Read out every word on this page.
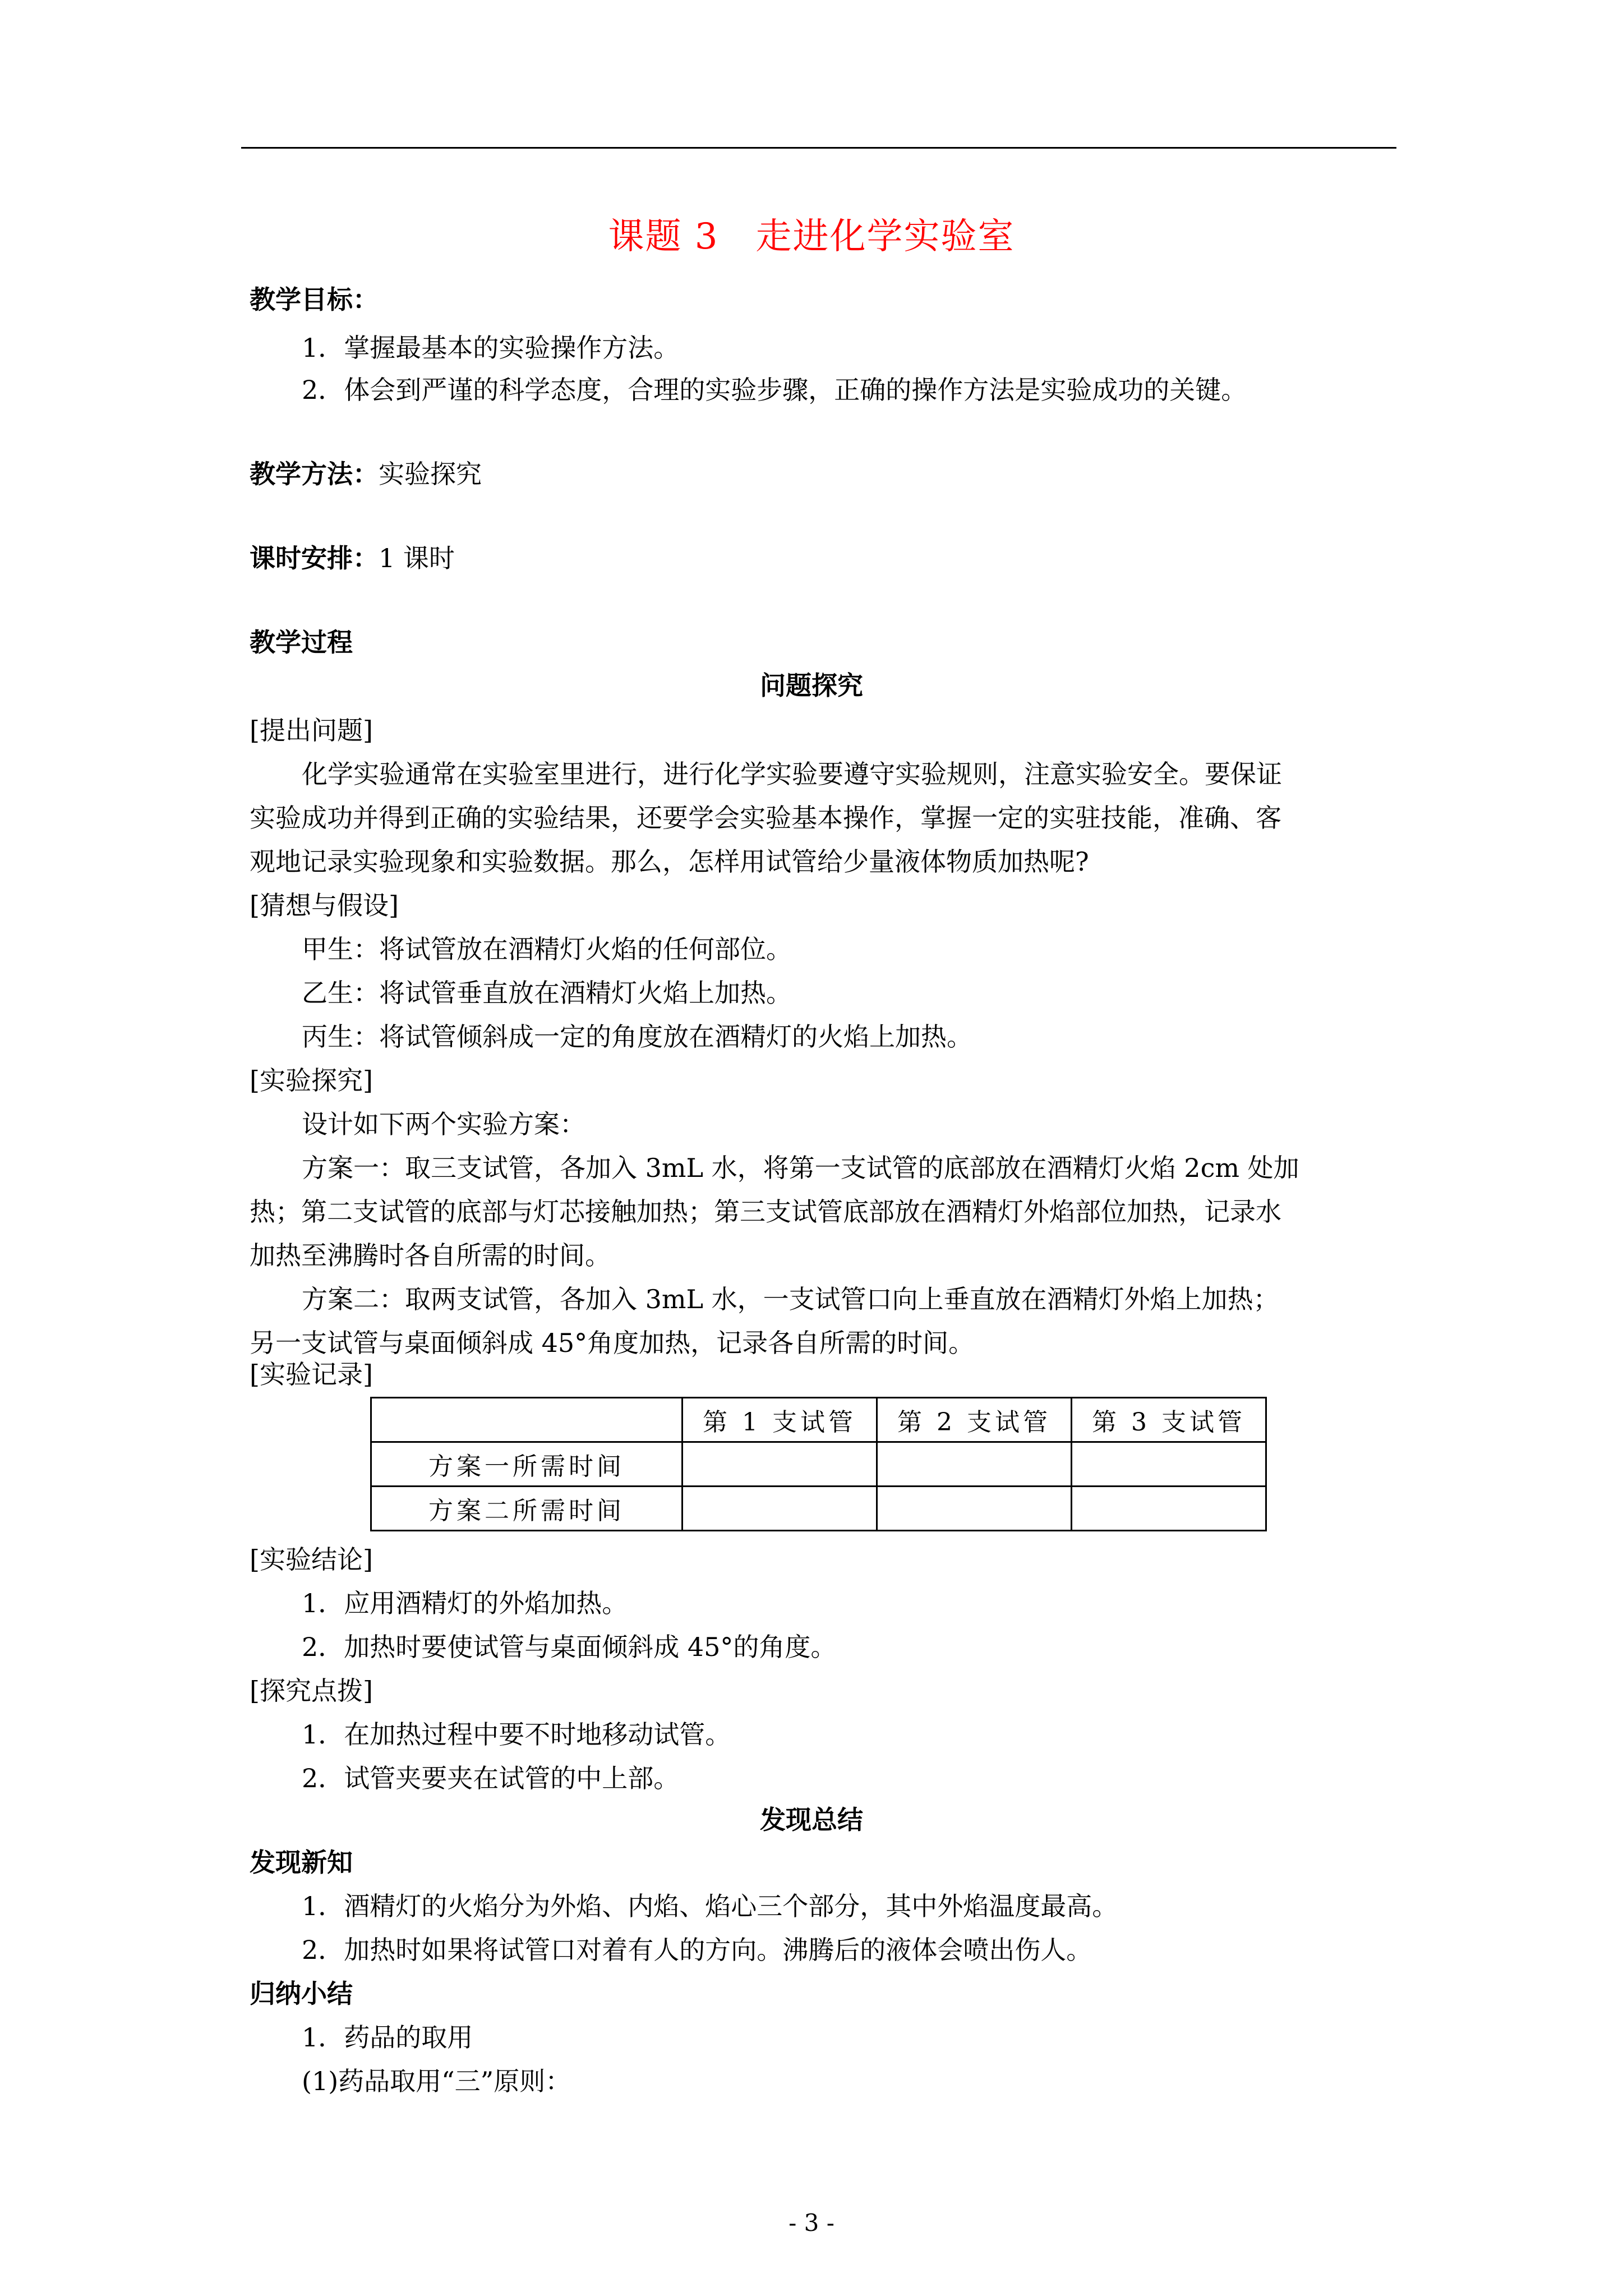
课题 3　走进化学实验室
教学目标：
1．掌握最基本的实验操作方法。
2．体会到严谨的科学态度，合理的实验步骤，正确的操作方法是实验成功的关键。
教学方法：实验探究
课时安排：1 课时
教学过程
问题探究
[提出问题]
化学实验通常在实验室里进行，进行化学实验要遵守实验规则，注意实验安全。要保证
实验成功并得到正确的实验结果，还要学会实验基本操作，掌握一定的实驻技能，准确、客
观地记录实验现象和实验数据。那么，怎样用试管给少量液体物质加热呢?
[猜想与假设]
甲生：将试管放在酒精灯火焰的任何部位。
乙生：将试管垂直放在酒精灯火焰上加热。
丙生：将试管倾斜成一定的角度放在酒精灯的火焰上加热。
[实验探究]
设计如下两个实验方案：
方案一：取三支试管，各加入 3mL 水，将第一支试管的底部放在酒精灯火焰 2cm 处加
热；第二支试管的底部与灯芯接触加热；第三支试管底部放在酒精灯外焰部位加热，记录水
加热至沸腾时各自所需的时间。
方案二：取两支试管，各加入 3mL 水，一支试管口向上垂直放在酒精灯外焰上加热；
另一支试管与桌面倾斜成 45°角度加热，记录各自所需的时间。
[实验记录]
	第 1 支试管	第 2 支试管	第 3 支试管
方案一所需时间			
方案二所需时间			
[实验结论]
1．应用酒精灯的外焰加热。
2．加热时要使试管与桌面倾斜成 45°的角度。
[探究点拨]
1．在加热过程中要不时地移动试管。
2．试管夹要夹在试管的中上部。
发现总结
发现新知
1．酒精灯的火焰分为外焰、内焰、焰心三个部分，其中外焰温度最高。
2．加热时如果将试管口对着有人的方向。沸腾后的液体会喷出伤人。
归纳小结
1．药品的取用
(1)药品取用“三”原则：
- 3 -
